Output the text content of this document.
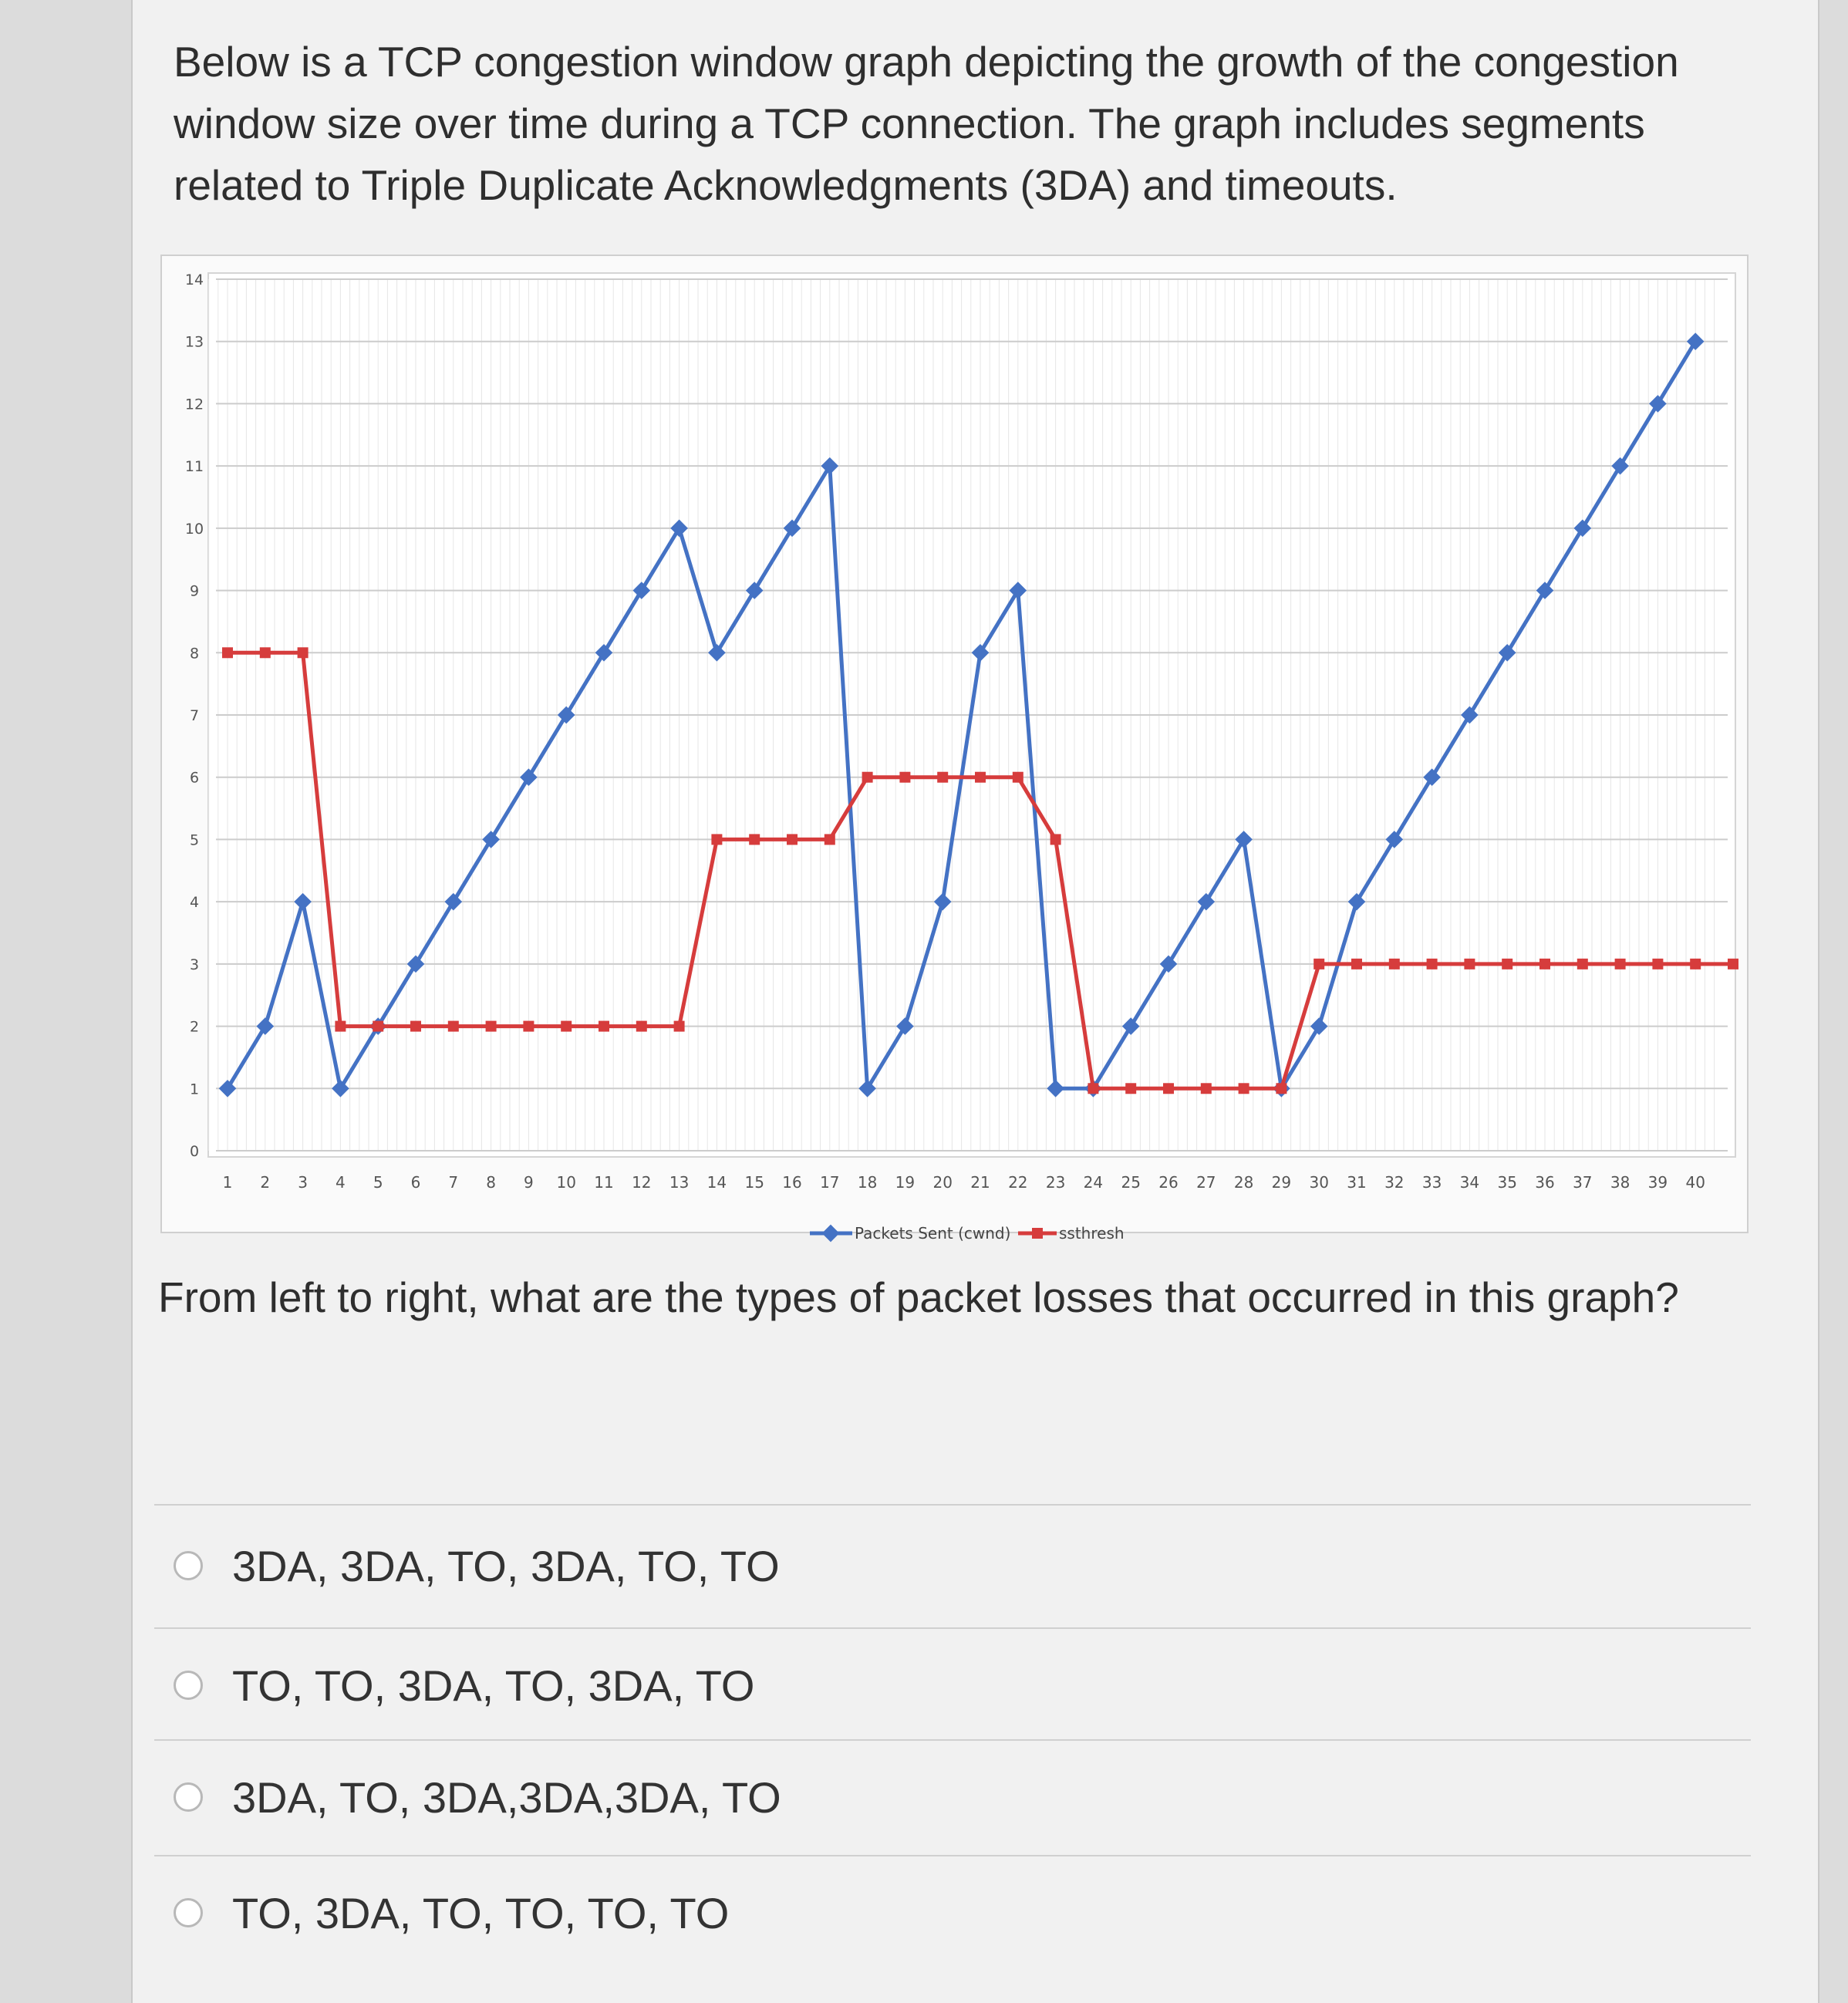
Below is a TCP congestion window graph depicting the growth of the congestion window size over time during a TCP connection. The graph includes segments related to Triple Duplicate Acknowledgments (3DA) and timeouts.
0
1
2
3
4
5
6
7
8
9
10
11
12
13
14
1 2 3 4 5 6 7 8 9 10 11 12 13 14 15 16 17 18 19 20 21 22 23 24 25 26 27 28 29 30 31 32 33 34 35 36 37 38 39 40
Packets Sent (cwnd)	ssthresh
From left to right, what are the types of packet losses that occurred in this graph?
3DA, 3DA, TO, 3DA, TO, TO
TO, TO, 3DA, TO, 3DA, TO
3DA, TO, 3DA,3DA,3DA, TO
TO, 3DA, TO, TO, TO, TO
